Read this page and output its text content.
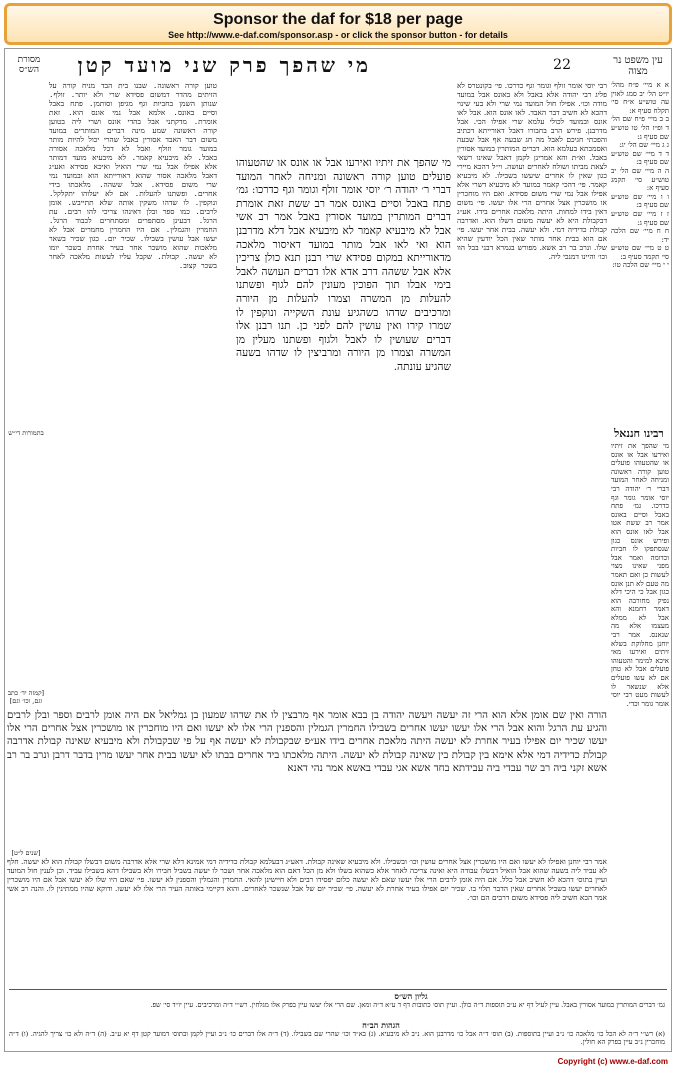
Sponsor the daf for $18 per page
See http://www.e-daf.com/sponsor.asp - or click the sponsor button - for details
מסורת הש״ס	מי שהפך פרק שני מועד קטן	22	עין משפט נר מצוה

א א מיי׳ פ״ח מהל׳ יו״ט הל׳ יב סמג לאוין עה טוש״ע א״ח סי׳ תקלח סעיף א:

ב ב מיי׳ פ״ח שם הל׳ ד ופ״ז הל׳ טו טוש״ע שם סעיף ג:

ג ג מיי׳ שם הל׳ יג:

ד ד מיי׳ שם טוש״ע שם סעיף ב:

ה ה מיי׳ שם הל׳ יב טוש״ע סי׳ תקמג סעיף א:

ו ו מיי׳ שם טוש״ע שם סעיף ב:

ז ז מיי׳ שם טוש״ע שם סעיף ג:

ח ח מיי׳ שם הלכה יד:

ט ט מיי׳ שם טוש״ע סי׳ תקמד סעיף ב:

י י מיי׳ שם הלכה טו:

רבינו חננאל

מי שהפך את זיתיו ואירעו אבל או אונס או שהטעוהו פועלים טוען קורה ראשונה ומניחה לאחר המועד דברי ר׳ יהודה רבי יוסי אומר גומר וגף כדרכו. גמ׳ פתח באבל וסיים באונס אמר רב ששת אטו אבל לאו אונס הוא ופירש אונס כגון שנסתפקו לו חביות וכדומה ואמר אבל מפני שאינו מצוי לעשות כן ואם תאמר מה טעם לא תנן אונס כגון אבל כי היכי דלא נפיק מחורבה הוא דאמר רחמנא והא אבל לא ממלא מעצמו אלא מה שנאנס. אמר רבי יוחנן מחלוקת בשלא זיתים ואירעו מאי איכא למימר והטעוהו פועלים אבל לא טחן אם לא עשו פועלים אלא שנשאר לו לעשות מעט רבי יוסי אומר גומר וכדי.

רבי יוסי אומר זולף וגומר וגף כדרכו. פי׳ בקונטרס לא פליג רבי יהודה אלא באבל ולא באונס אבל במועד מודה וכו׳. אפילו חול המועד נמי שרי ולא בעי שינוי דהכא לא חשיב דבר האבד. לאו אונס הוא. אבל לאו אונס ובמועד לכולי עלמא שרי אפילו הכי. אבל מדרבנן. פירש הרב בחבורו דאבל דאורייתא דכתיב והפכתי חגיכם לאבל מה חג שבעה אף אבל שבעה ואסמכתא בעלמא הוא. דברים המותרין במועד אסורין באבל. וא״ת והא אמרינן לקמן דאבל שאינו רשאי לצאת מביתו ושולח לאחרים ועושה. וי״ל דהכא מיירי כגון שאין לו אחרים שיעשו בשבילו. לא מיבעיא קאמר. פי׳ דהכי קאמר במועד לא מיבעיא דשרי אלא אפילו אבל נמי שרי משום פסידא. ואם היו מוחכרין או מושכרין אצל אחרים הרי אלו יעשו. פי׳ משום דאין בידו למחות. היתה מלאכת אחרים בידו. אע״ג דבקבולת היא לא יעשה משום דשלו הוא. ואדרבה קבולת כדידיה דמי. ולא יעשה. בבית אחר יעשו. פי׳ אם הוא בבית אחר מותר שאין הכל יודעין שהיא שלו. ונרב בר רב אשא. מפורש בגמרא דבני בבל הוו וכו׳ והיינו דמנכי ליה.

מי שהפך את זיתיו ואירעו אבל או אונס או שהטעוהו פועלים טוען קורה ראשונה ומניחה לאחר המועד דברי ר׳ יהודה ר׳ יוסי אומר זולף וגומר וגף כדרכו: גמ׳ פתח באבל וסיים באונס אמר רב ששת זאת אומרת דברים המותרין במועד אסורין באבל אמר רב אשי אבל לא מיבעיא קאמר לא מיבעיא אבל דלא מדרבנן הוא ואי לאו אבל מותר במועד דאיסור מלאכה מדאורייתא במקום פסידא שרי רבנן תנא כולן צריכין אלא אבל ששהה דרב אדא אלו דברים העושה לאבל בימי אבלו תוך הפוכין מעונין להם לגוף ופשתנו להעלות מן המשרה וצמרו להעלות מן היורה ומרכיבים שדהו כשהגיע עונת השקייה ונוקפין לו שמרו קירו ואין עושין להם לפני כן. תנו רבנן אלו דברים שעושין לו לאבל ולגוף ופשתנו מעלין מן המשרה וצמרו מן היורה ומרביצין לו שדהו בשעה שהגיע עונתה.

טוען קורה ראשונה. שבנו בית הבד מניח קורה על הזיתים מהדר דמשום פסידא שרי ולא יותר. זולף. שנותן השמן בחביות וגף מגיפן וסותמן. פתח באבל וסיים באונס. אלמא אבל נמי אונס הוא. זאת אומרת. מדקתני אבל בהדי אונס ושרי ליה בטוען קורה ראשונה שמע מינה דברים המותרים במועד משום דבר האבד אסורין באבל שהרי יכול להיות מותר במועד גומר וזולף ואבל לא דכל מלאכה אסורה באבל. לא מיבעיא קאמר. לא מיבעיא מועד דמותר אלא אפילו אבל נמי שרי הואיל ואיכא פסידא ואע״ג דאבל מלאכה אסור שהוא דאורייתא הוא ובמועד נמי שרי משום פסידא. אבל ששהה. מלאכתו בידי אחרים. ופשתנו להעלות. אם לא יעלוהו יתקלקל. ונוקפין. לו שדהו משקין אותה שלא תתייבש. אומן לרבים. כמו ספר ובלן דאינהו צריכי להו רבים. עת הרגל. דבעינן מסתפרים ומסתחרים לכבוד הרגל. החמרין והגמלין. אם היו החמרין מחמרים אבל לא יעשו אבל עושין בשבילו. שכיר יום. כגון שכיר בשאר מלאכות שהוא מושכר אחר בעיר אחרת בשכר יומו לא יעשה. קבולת. שקבל עליו לעשות מלאכה לאחר בשכר קצוב.

בתמורות די״ש
[קמזה יד׳ כתב וגם, וכו׳ וגם]
[שנים ל״ט]

הורה ואין שם אומן אלא הוא הרי זה יעשה ויעשה יהודה בן בבא אומר אף מרבצין לו את שדהו שמעון בן גמליאל אם היה אומן לרבים וספר ובלן לרבים והגיע עת הרגל והוא אבל הרי אלו יעשו יעשו אחרים בשבילו החמרין הגמלין והספנין הרי אלו לא יעשו ואם היו מוחכרין או מושכרין אצל אחרים הרי אלו יעשו שכיר יום אפילו בעיר אחרת לא יעשה היתה מלאכת אחרים בידו אע״פ שבקבולת לא יעשה אף על פי שבקבולת ולא מיבעיא שאינה קבולת אדרבה קבולת כדידיה דמי אלא אימא בין קבולת בין שאינה קבולת לא יעשה. היתה מלאכתו ביד אחרים בבתו לא יעשו בבית אחר יעשו מרין בדבר דרבן ונרב בר רב אשא זקני ביה רב שר עבדי ביה עבידתא בחד אשא אגי עבדי באשא אמר נהי דאנא

אמר רבי יוחנן ואפילו לא יעשו ואם היו מושכרין אצל אחרים עושין וכו׳ ובשבילו. ולא מיבעיא שאינה קבולת. דאע״ג דבעלמא קבולת כדידיה דמי אמינא דלא שרי אלא אדרבה משום דבשלו קבולת הוא לא יעשה. חלף לא עביד ליה בשעה שהוא אבל הואיל דבשלו עבודה היא ואינה צריכה לאחר אלא כשהוא בשלו ולא מן הכל דאם הוא מלאכה אחר ושכר לו יעשה בשביל חבירו ולא בשבילו דהא בשבילו עביד. וכן לענין חול המועד ועיין בתוס׳ דהכא לא חשיב אבל כלל. אם היה אומן לרבים הרי אלו יעשו שאם לא יעשה כלום יפסידו רבים ולא חיישינן להאי. החמרין והגמלין והספנין לא יעשו. פי׳ שאם היו שלו לא יעשו אבל אם היו מושכרין לאחרים יעשו בשביל אחרים שאין הדבר תלוי בו. שכיר יום אפילו בעיר אחרת לא יעשה. פי׳ שכיר יום של אבל שנשכר לאחרים. והוא דקיימי באותה העיר הרי אלו לא יעשו. ודוקא שהיו ממתינין לו. והנה רב אשי אמר הכא חשיב ליה פסידא משום דרבים הם וכו׳.

גליון הש״ס
גמ׳ דברים המותרין במועד אסורין באבל. עיין לעיל דף יא ע״ב תוספות ד״ה כולן. ועיין תוס׳ כתובות דף ד ע״א ד״ה ומאן. שם הרי אלו יעשו עיין בפרק אלו מגלחין. רש״י ד״ה ומרכיבים. עיין יו״ד סי׳ שפ.
הגהות הב״ח
(א) רש״י ד״ה לא הכל כו׳ מלאכה כו׳ נ״ב ועיין בתוספות. (ב) תוס׳ ד״ה אבל כו׳ מדרבנן הוא. נ״ב לא מיבעיא. (ג) בא״ד וכו׳ שהרי שם בשבילו. (ד) ד״ה אלו דברים כו׳ נ״ב ועיין לקמן ובתוס׳ דמועד קטן דף יא ע״ב. (ה) ד״ה ולא כו׳ צריך להגיה. (ו) ד״ה מוחכרין נ״ב עיין בפרק הא חולין.
Copyright (c) www.e-daf.com
